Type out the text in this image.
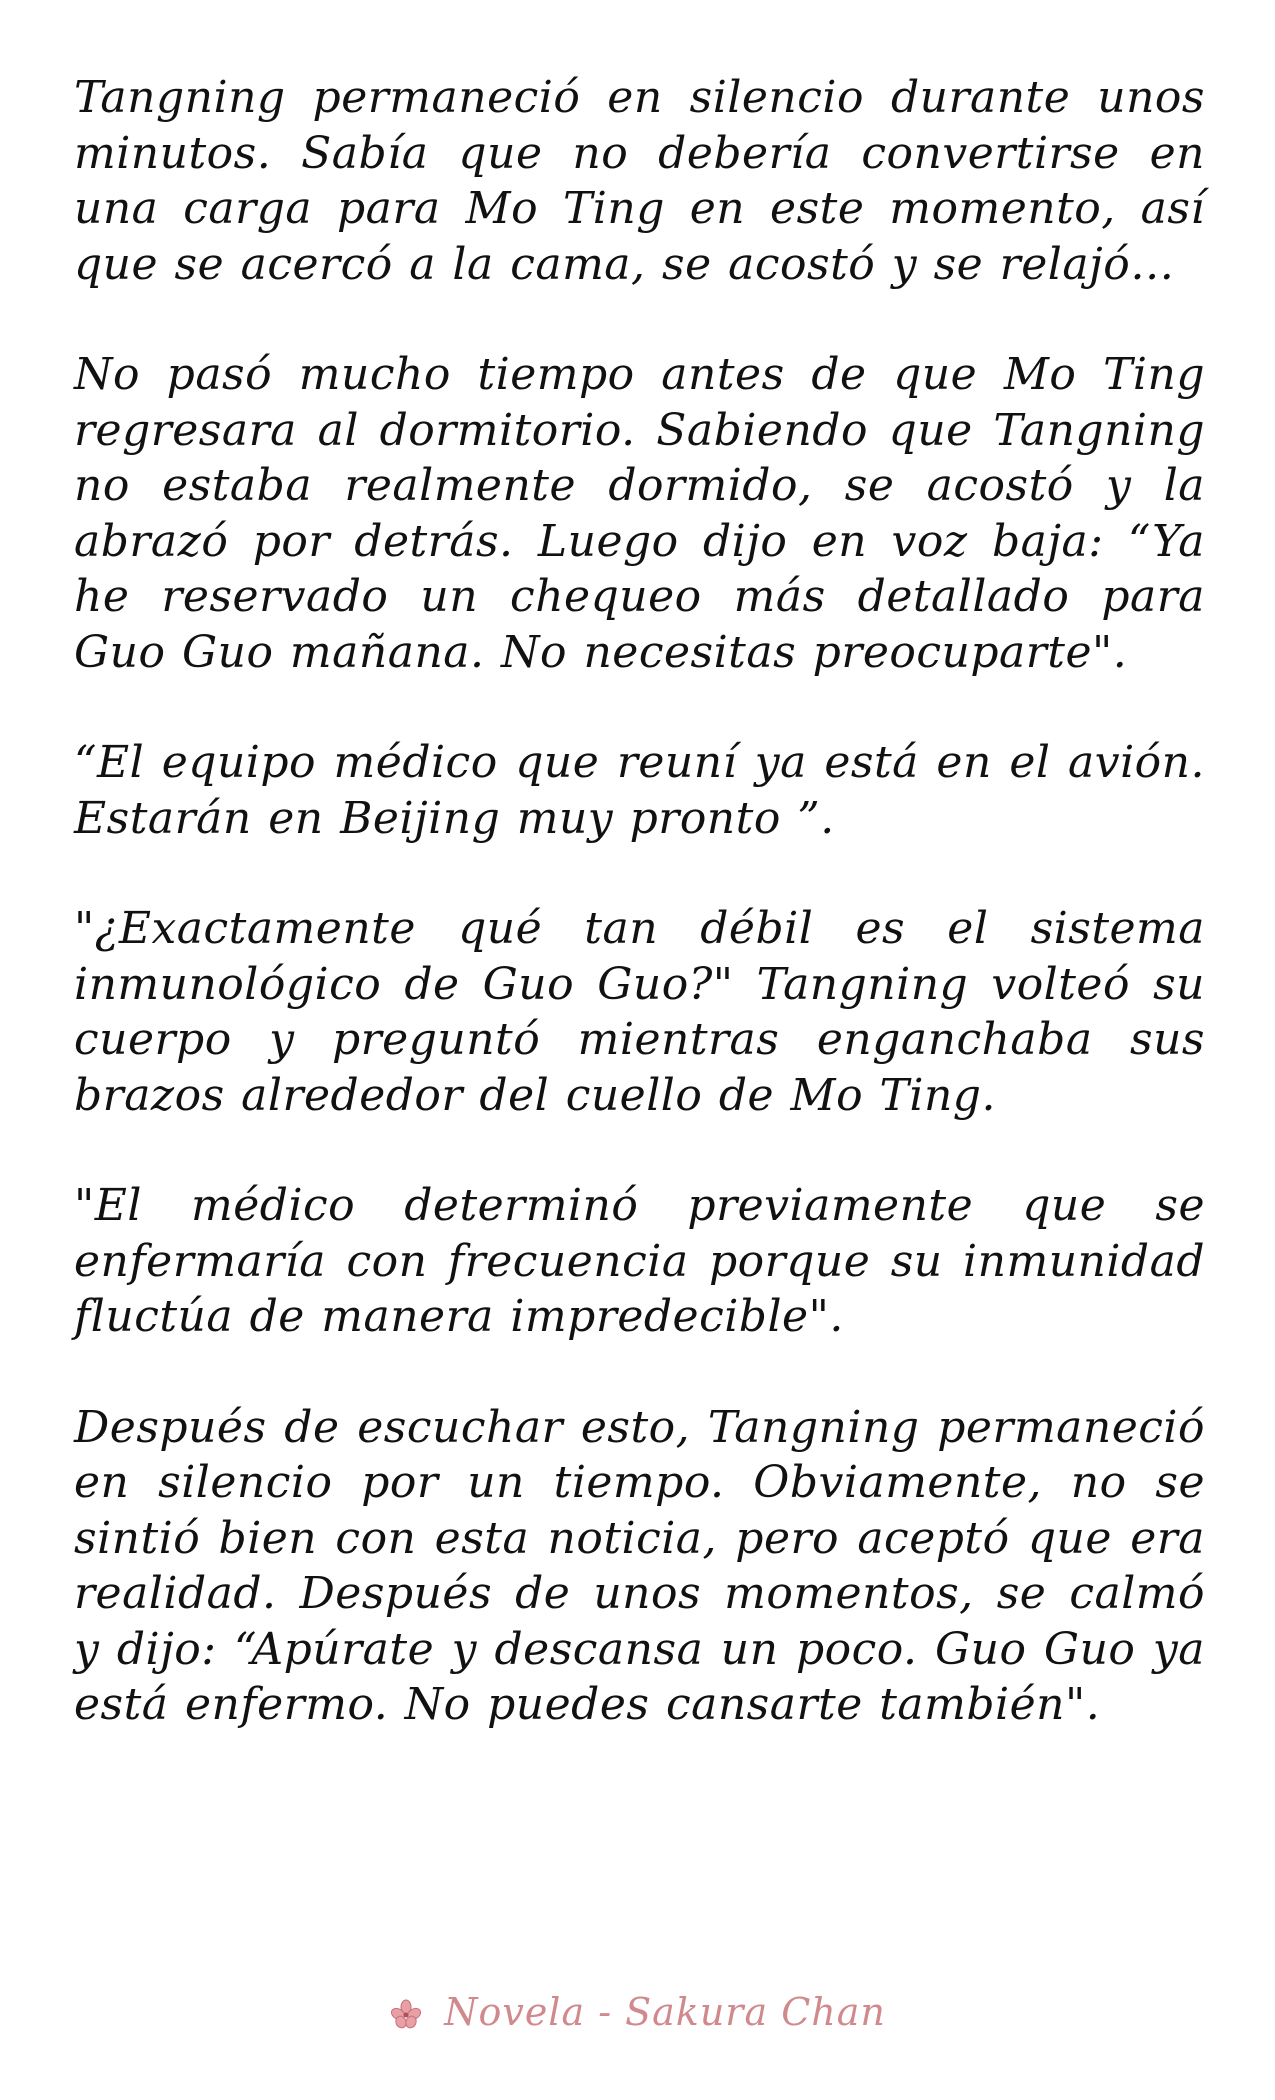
Tangning permaneció en silencio durante unos minutos. Sabía que no debería convertirse en una carga para Mo Ting en este momento, así que se acercó a la cama, se acostó y se relajó…

No pasó mucho tiempo antes de que Mo Ting regresara al dormitorio. Sabiendo que Tangning no estaba realmente dormido, se acostó y la abrazó por detrás. Luego dijo en voz baja: “Ya he reservado un chequeo más detallado para Guo Guo mañana. No necesitas preocuparte".

“El equipo médico que reuní ya está en el avión. Estarán en Beijing muy pronto ”.

"¿Exactamente qué tan débil es el sistema inmunológico de Guo Guo?" Tangning volteó su cuerpo y preguntó mientras enganchaba sus brazos alrededor del cuello de Mo Ting.

"El médico determinó previamente que se enfermaría con frecuencia porque su inmunidad fluctúa de manera impredecible".

Después de escuchar esto, Tangning permaneció en silencio por un tiempo. Obviamente, no se sintió bien con esta noticia, pero aceptó que era realidad. Después de unos momentos, se calmó y dijo: “Apúrate y descansa un poco. Guo Guo ya está enfermo. No puedes cansarte también".

Novela - Sakura Chan
